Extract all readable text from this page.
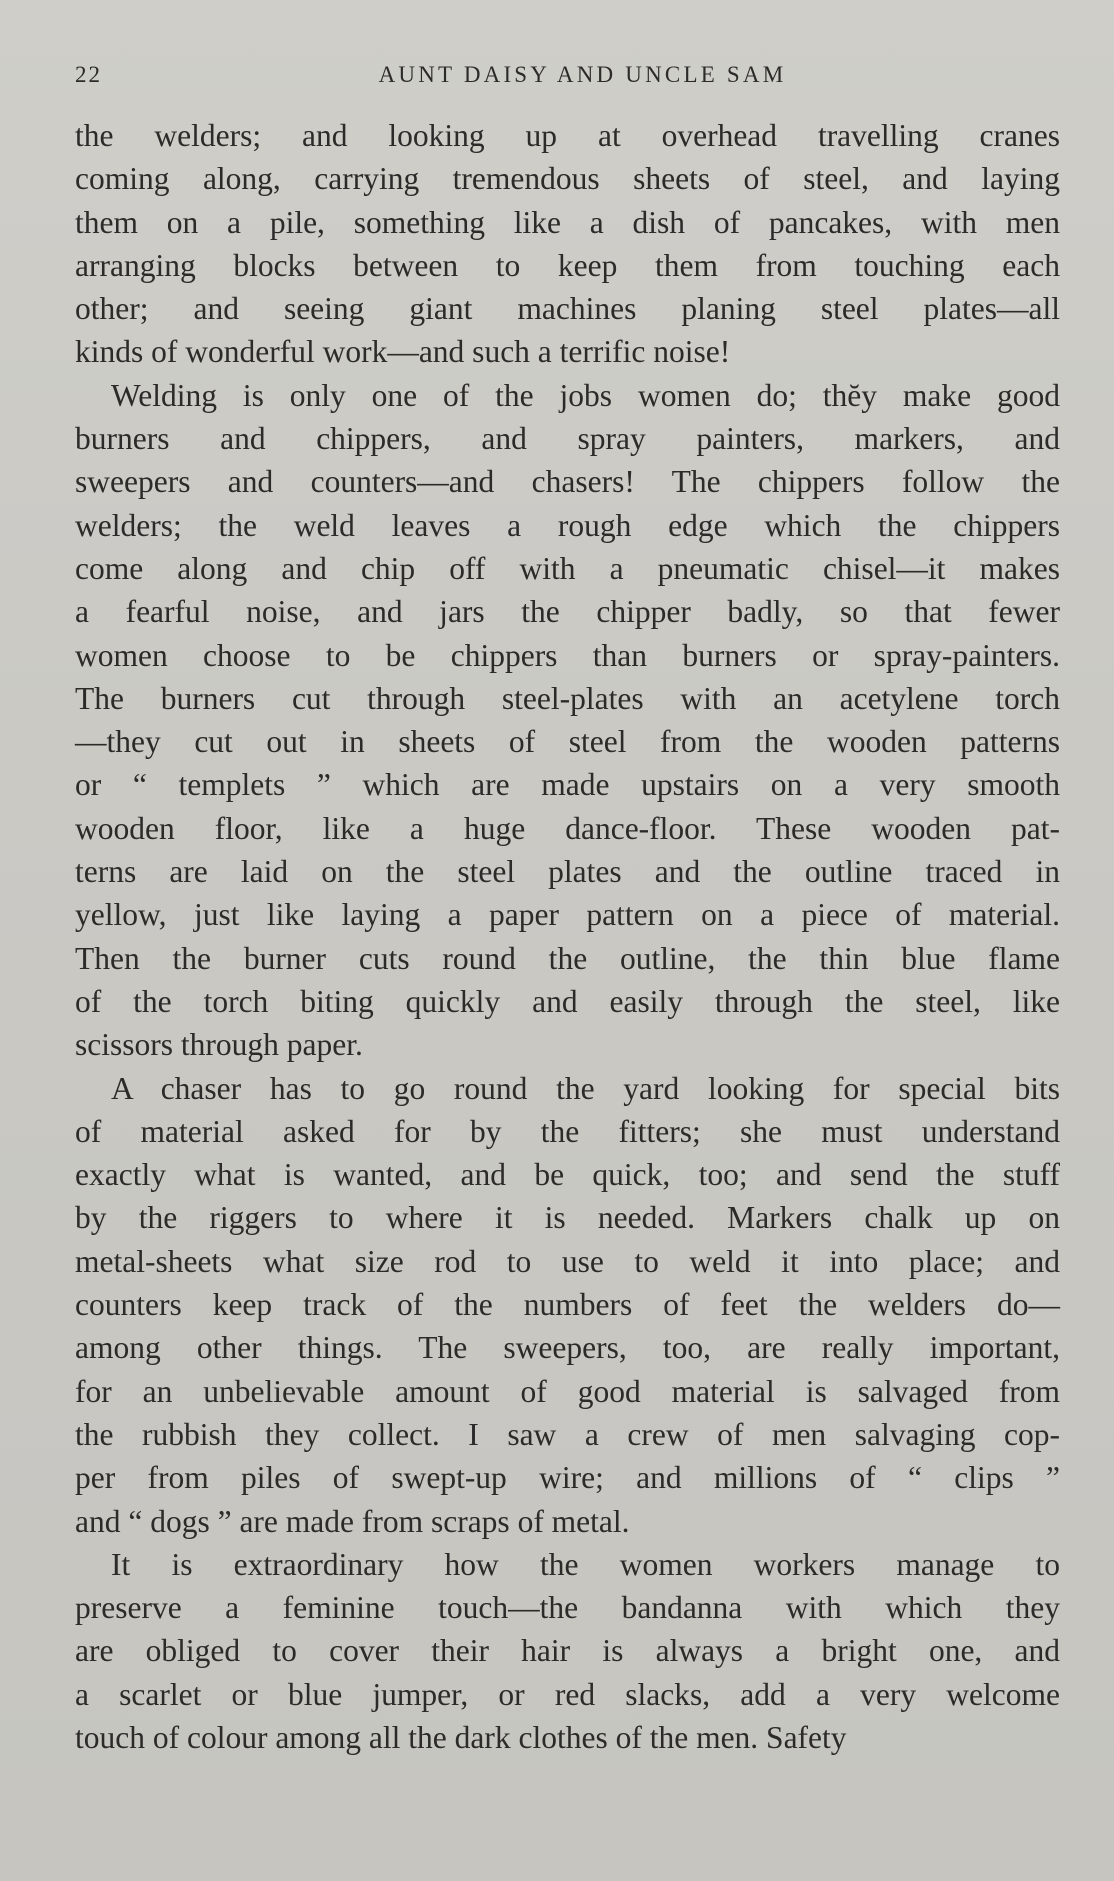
22	AUNT DAISY AND UNCLE SAM

the welders; and looking up at overhead travelling cranes
coming along, carrying tremendous sheets of steel, and laying
them on a pile, something like a dish of pancakes, with men
arranging blocks between to keep them from touching each
other; and seeing giant machines planing steel plates—all
kinds of wonderful work—and such a terrific noise!

Welding is only one of the jobs women do; thĕy make good
burners and chippers, and spray painters, markers, and
sweepers and counters—and chasers! The chippers follow the
welders; the weld leaves a rough edge which the chippers
come along and chip off with a pneumatic chisel—it makes
a fearful noise, and jars the chipper badly, so that fewer
women choose to be chippers than burners or spray-painters.
The burners cut through steel-plates with an acetylene torch
—they cut out in sheets of steel from the wooden patterns
or “ templets ” which are made upstairs on a very smooth
wooden floor, like a huge dance-floor. These wooden pat-
terns are laid on the steel plates and the outline traced in
yellow, just like laying a paper pattern on a piece of material.
Then the burner cuts round the outline, the thin blue flame
of the torch biting quickly and easily through the steel, like
scissors through paper.

A chaser has to go round the yard looking for special bits
of material asked for by the fitters; she must understand
exactly what is wanted, and be quick, too; and send the stuff
by the riggers to where it is needed. Markers chalk up on
metal-sheets what size rod to use to weld it into place; and
counters keep track of the numbers of feet the welders do—
among other things. The sweepers, too, are really important,
for an unbelievable amount of good material is salvaged from
the rubbish they collect. I saw a crew of men salvaging cop-
per from piles of swept-up wire; and millions of “ clips ”
and “ dogs ” are made from scraps of metal.

It is extraordinary how the women workers manage to
preserve a feminine touch—the bandanna with which they
are obliged to cover their hair is always a bright one, and
a scarlet or blue jumper, or red slacks, add a very welcome
touch of colour among all the dark clothes of the men. Safety
